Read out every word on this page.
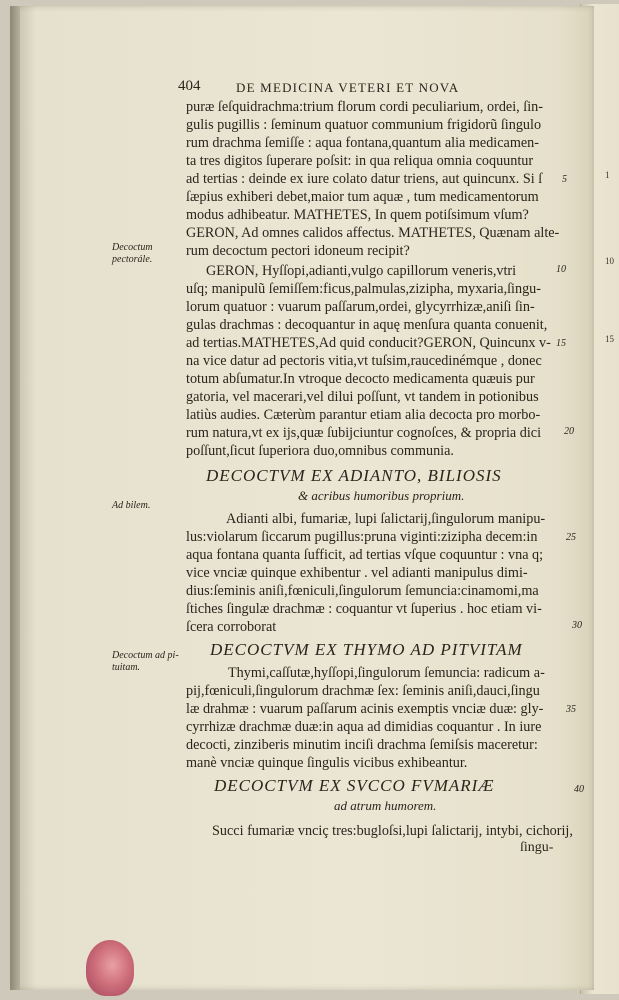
1
10
15
404	DE MEDICINA VETERI ET NOVA
puræ ſeſquidrachma:trium florum cordi peculiarium, ordei, ſin-
gulis pugillis : ſeminum quatuor communium frigidorũ ſingulo
rum drachma ſemiſſe : aqua fontana,quantum alia medicamen-
ta tres digitos ſuperare poſsit: in qua reliqua omnia coquuntur
ad tertias : deinde ex iure colato datur triens, aut quincunx. Si ſ
ſæpius exhiberi debet,maior tum aquæ , tum medicamentorum
modus adhibeatur. MATHETES, In quem potiſsimum vſum?
GERON, Ad omnes calidos affectus. MATHETES, Quænam alte-
rum decoctum pectori idoneum recipit?
GERON, Hyſſopi,adianti,vulgo capillorum veneris,vtri
uſq; manipulũ ſemiſſem:ficus,palmulas,zizipha, myxaria,ſingu-
lorum quatuor : vuarum paſſarum,ordei, glycyrrhizæ,aniſi ſin-
gulas drachmas : decoquantur in aquę menſura quanta conuenit,
ad tertias.MATHETES,Ad quid conducit?GERON, Quincunx v-
na vice datur ad pectoris vitia,vt tuſsim,raucedinémque , donec
totum abſumatur.In vtroque decocto medicamenta quæuis pur
gatoria, vel macerari,vel dilui poſſunt, vt tandem in potionibus
latiùs audies. Cæterùm parantur etiam alia decocta pro morbo-
rum natura,vt ex ijs,quæ ſubijciuntur cognoſces, & propria dici
poſſunt,ſicut ſuperiora duo,omnibus communia.
DECOCTVM EX ADIANTO, BILIOSIS
& acribus humoribus proprium.
Adianti albi, fumariæ, lupi ſalictarij,ſingulorum manipu-
lus:violarum ſiccarum pugillus:pruna viginti:zizipha decem:in
aqua fontana quanta ſufficit, ad tertias vſque coquuntur : vna q;
vice vnciæ quinque exhibentur . vel adianti manipulus dimi-
dius:ſeminis aniſi,fœniculi,ſingulorum ſemuncia:cinamomi,ma
ſtiches ſingulæ drachmæ : coquantur vt ſuperius . hoc etiam vi-
ſcera corroborat
DECOCTVM EX THYMO AD PITVITAM
Thymi,caſſutæ,hyſſopi,ſingulorum ſemuncia: radicum a-
pij,fœniculi,ſingulorum drachmæ ſex: ſeminis aniſi,dauci,ſingu
læ drahmæ : vuarum paſſarum acinis exemptis vnciæ duæ: gly-
cyrrhizæ drachmæ duæ:in aqua ad dimidias coquantur . In iure
decocti, zinziberis minutim inciſi drachma ſemiſsis maceretur:
manè vnciæ quinque ſingulis vicibus exhibeantur.
DECOCTVM EX SVCCO FVMARIÆ
ad atrum humorem.
Succi fumariæ vnciç tres:bugloſsi,lupi ſalictarij, intybi, cichorij,
ſingu-
Decoctum pectorále.
Ad bilem.
Decoctum ad pi-tuitam.
5
10
15
20
25
30
35
40
